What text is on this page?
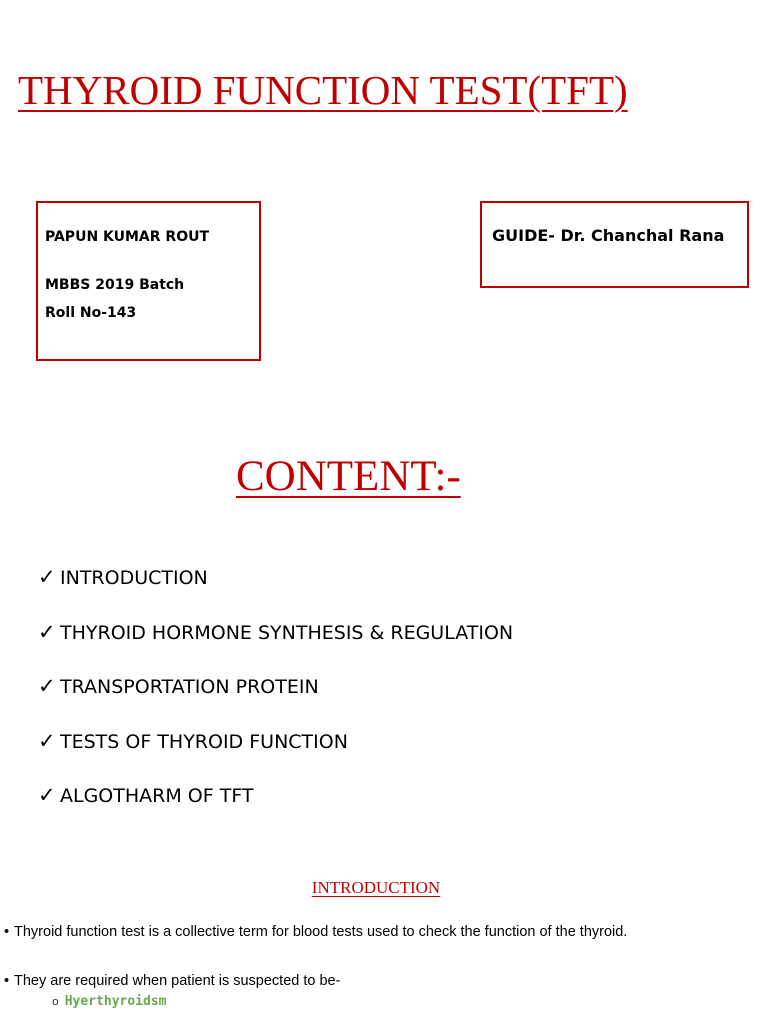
THYROID FUNCTION TEST(TFT)
PAPUN KUMAR ROUT
MBBS 2019 Batch
Roll No-143
GUIDE- Dr. Chanchal Rana
CONTENT:-
✓ INTRODUCTION
✓ THYROID HORMONE SYNTHESIS & REGULATION
✓ TRANSPORTATION PROTEIN
✓ TESTS OF THYROID FUNCTION
✓ ALGOTHARM OF TFT
INTRODUCTION

• Thyroid function test is a collective term for blood tests used to check the function of the thyroid.

• They are required when patient is suspected to be-

o Hyerthyroidsm
